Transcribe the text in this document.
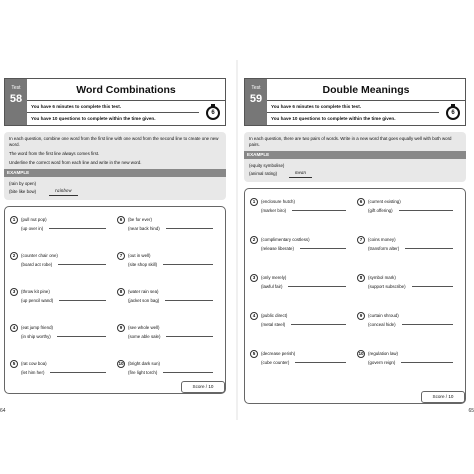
Test
58
Word Combinations
You have 6 minutes to complete this test.
You have 10 questions to complete within the time given.
6

In each question, combine one word from the first line with one word from the second line to create one new word.

The word from the first line always comes first.

Underline the correct word from each line and write in the new word.

EXAMPLE
(rain by open)
(bite like bow)	rainbow
1	(pull nut pop)
(up over in)
2	(counter chair one)
(board act robe)
3	(throw kit pine)
(up pencil wand)
4	(eat jump friend)
(in ship worthy)
5	(rat cow boa)
(let him her)
6	(be for ever)
(near back hind)
7	(out in well)
(site shop skill)
8	(water rain sea)
(jacket son bag)
9	(see whole well)
(some able sale)
10	(bright dark sun)
(fire light torch)
Score / 10
64
Test
59
Double Meanings
You have 6 minutes to complete this test.
You have 10 questions to complete within the time given.
6

In each question, there are two pairs of words. Write in a new word that goes equally well with both word pairs.

EXAMPLE
(equity symbolise)
(animal rating)	mean
1	(enclosure hutch)
(marker biro)
2	(complimentary costless)
(release liberate)
3	(only merely)
(lawful fair)
4	(public direct)
(metal steel)
5	(decrease perish)
(cube counter)
6	(current existing)
(gift offering)
7	(coins money)
(transform alter)
8	(symbol mark)
(support subscribe)
9	(curtain shroud)
(conceal hide)
10	(regulation law)
(govern reign)
Score / 10
65
